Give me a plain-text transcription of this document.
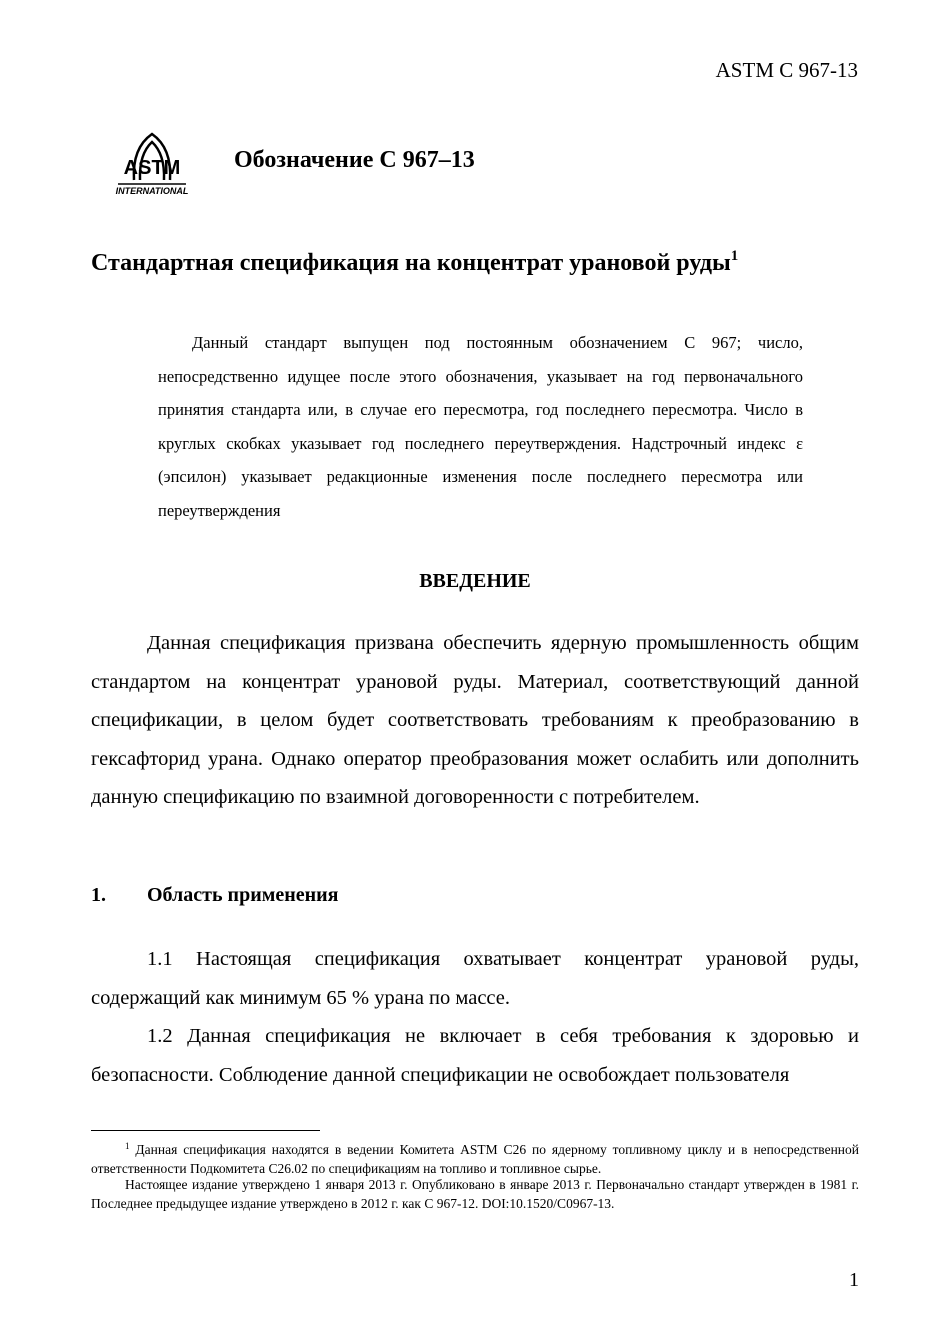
ASTM C 967-13
ASTM
INTERNATIONAL
Обозначение С 967–13
Стандартная спецификация на концентрат урановой руды$^1$
Данный стандарт выпущен под постоянным обозначением С 967; число, непосредственно идущее после этого обозначения, указывает на год первоначального принятия стандарта или, в случае его пересмотра, год последнего пересмотра. Число в круглых скобках указывает год последнего переутверждения. Надстрочный индекс ε (эпсилон) указывает редакционные изменения после последнего пересмотра или переутверждения
ВВЕДЕНИЕ
Данная спецификация призвана обеспечить ядерную промышленность общим стандартом на концентрат урановой руды. Материал, соответствующий данной спецификации, в целом будет соответствовать требованиям к преобразованию в гексафторид урана. Однако оператор преобразования может ослабить или дополнить данную спецификацию по взаимной договоренности с потребителем.
1. Область применения
1.1 Настоящая спецификация охватывает концентрат урановой руды, содержащий как минимум 65 % урана по массе.
1.2 Данная спецификация не включает в себя требования к здоровью и безопасности. Соблюдение данной спецификации не освобождает пользователя
$^1$ Данная спецификация находятся в ведении Комитета ASTM С26 по ядерному топливному циклу и в непосредственной ответственности Подкомитета С26.02 по спецификациям на топливо и топливное сырье.
Настоящее издание утверждено 1 января 2013 г. Опубликовано в январе 2013 г. Первоначально стандарт утвержден в 1981 г. Последнее предыдущее издание утверждено в 2012 г. как С 967-12. DOI:10.1520/C0967-13.
1
